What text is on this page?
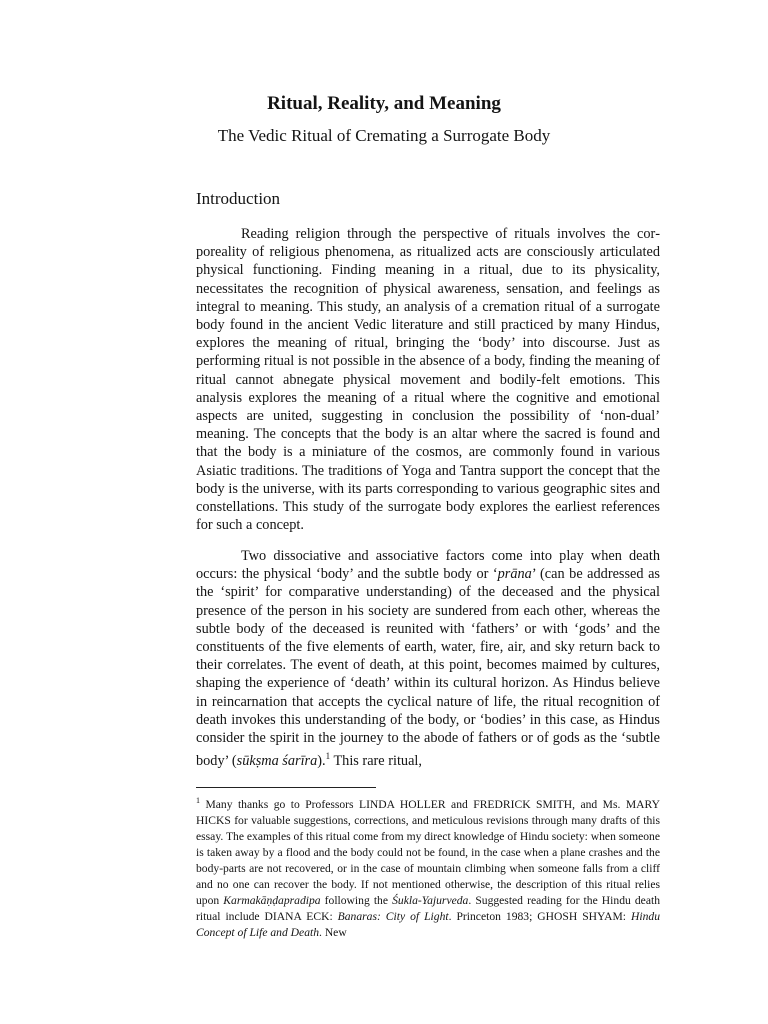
Ritual, Reality, and Meaning
The Vedic Ritual of Cremating a Surrogate Body
Introduction

Reading religion through the perspective of rituals involves the corporeality of religious phenomena, as ritualized acts are consciously articulated physical functioning. Finding meaning in a ritual, due to its physicality, necessitates the recognition of physical awareness, sensation, and feelings as integral to meaning. This study, an analysis of a cremation ritual of a surrogate body found in the ancient Vedic literature and still practiced by many Hindus, explores the meaning of ritual, bringing the ‘body’ into discourse. Just as performing ritual is not possible in the absence of a body, finding the meaning of ritual cannot abnegate physical movement and bodily-felt emotions. This analysis explores the meaning of a ritual where the cognitive and emotional aspects are united, suggesting in conclusion the possibility of ‘non-dual’ meaning. The concepts that the body is an altar where the sacred is found and that the body is a miniature of the cosmos, are commonly found in various Asiatic traditions. The traditions of Yoga and Tantra support the concept that the body is the universe, with its parts corresponding to various geographic sites and constellations. This study of the surrogate body explores the earliest references for such a concept.

Two dissociative and associative factors come into play when death occurs: the physical ‘body’ and the subtle body or ‘prāna’ (can be addressed as the ‘spirit’ for comparative understanding) of the deceased and the physical presence of the person in his society are sundered from each other, whereas the subtle body of the deceased is reunited with ‘fathers’ or with ‘gods’ and the constituents of the five elements of earth, water, fire, air, and sky return back to their correlates. The event of death, at this point, becomes maimed by cultures, shaping the experience of ‘death’ within its cultural horizon. As Hindus believe in reincarnation that accepts the cyclical nature of life, the ritual recognition of death invokes this understanding of the body, or ‘bodies’ in this case, as Hindus consider the spirit in the journey to the abode of fathers or of gods as the ‘subtle body’ (sūkṣma śarīra).$^1$ This rare ritual,

$^1$ Many thanks go to Professors LINDA HOLLER and FREDRICK SMITH, and Ms. MARY HICKS for valuable suggestions, corrections, and meticulous revisions through many drafts of this essay. The examples of this ritual come from my direct knowledge of Hindu society: when someone is taken away by a flood and the body could not be found, in the case when a plane crashes and the body-parts are not recovered, or in the case of mountain climbing when someone falls from a cliff and no one can recover the body. If not mentioned otherwise, the description of this ritual relies upon Karmakāṇḍapradipa following the Śukla-Yajurveda. Suggested reading for the Hindu death ritual include DIANA ECK: Banaras: City of Light. Princeton 1983; GHOSH SHYAM: Hindu Concept of Life and Death. New
